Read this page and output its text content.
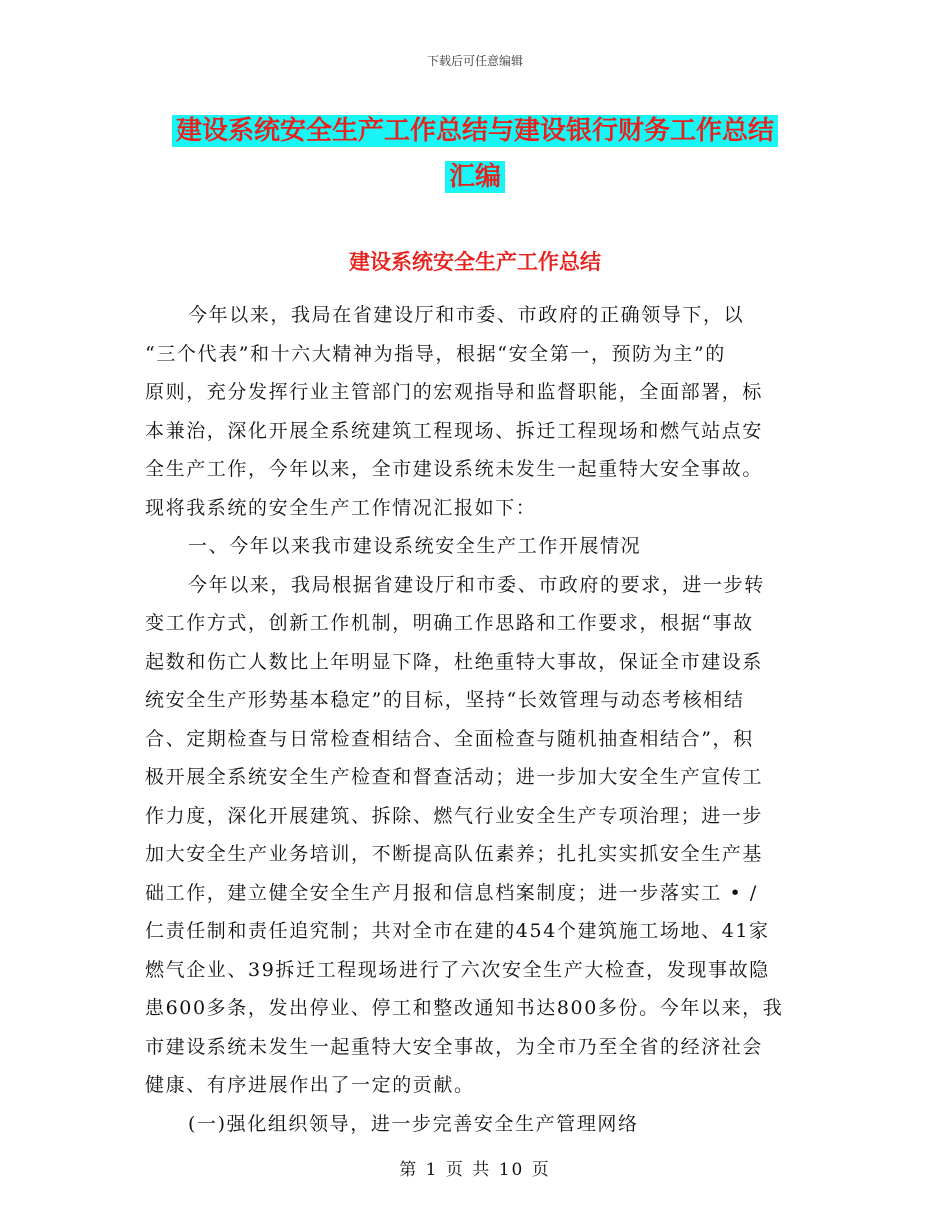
下载后可任意编辑
建设系统安全生产工作总结与建设银行财务工作总结
汇编
建设系统安全生产工作总结
今年以来，我局在省建设厅和市委、市政府的正确领导下，以
“三个代表”和十六大精神为指导，根据“安全第一，预防为主”的
原则，充分发挥行业主管部门的宏观指导和监督职能，全面部署，标
本兼治，深化开展全系统建筑工程现场、拆迁工程现场和燃气站点安
全生产工作，今年以来，全市建设系统未发生一起重特大安全事故。
现将我系统的安全生产工作情况汇报如下：
一、今年以来我市建设系统安全生产工作开展情况
今年以来，我局根据省建设厅和市委、市政府的要求，进一步转
变工作方式，创新工作机制，明确工作思路和工作要求，根据“事故
起数和伤亡人数比上年明显下降，杜绝重特大事故，保证全市建设系
统安全生产形势基本稳定”的目标，坚持“长效管理与动态考核相结
合、定期检查与日常检查相结合、全面检查与随机抽查相结合”，积
极开展全系统安全生产检查和督查活动；进一步加大安全生产宣传工
作力度，深化开展建筑、拆除、燃气行业安全生产专项治理；进一步
加大安全生产业务培训，不断提高队伍素养；扎扎实实抓安全生产基
础工作，建立健全安全生产月报和信息档案制度；进一步落实工 • /
仁责任制和责任追究制；共对全市在建的454个建筑施工场地、41家
燃气企业、39拆迁工程现场进行了六次安全生产大检查，发现事故隐
患600多条，发出停业、停工和整改通知书达800多份。今年以来，我
市建设系统未发生一起重特大安全事故，为全市乃至全省的经济社会
健康、有序进展作出了一定的贡献。
(一)强化组织领导，进一步完善安全生产管理网络
第 1 页 共 10 页
